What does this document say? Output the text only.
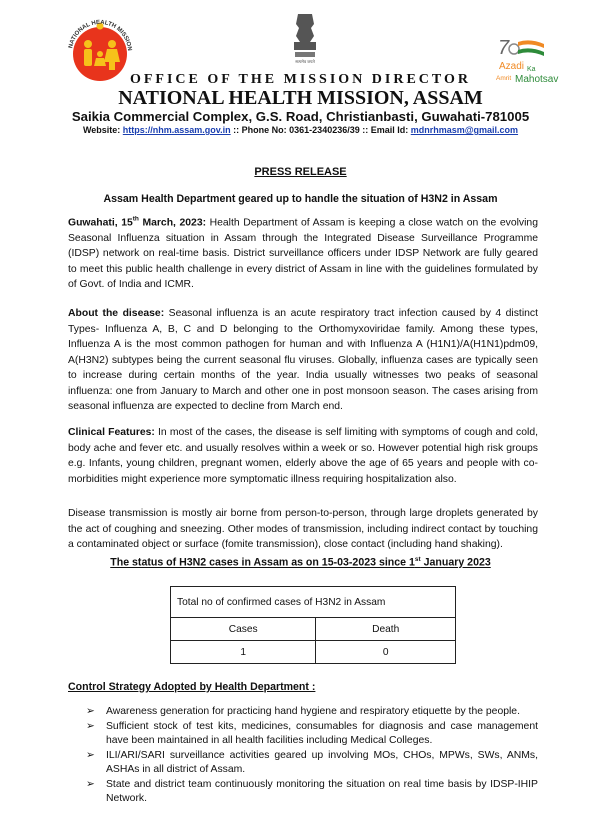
NATIONAL HEALTH MISSION
सत्यमेव जयते
7
Azadi Ka
Amrit Mahotsav
OFFICE OF THE MISSION DIRECTOR
NATIONAL HEALTH MISSION, ASSAM
Saikia Commercial Complex, G.S. Road, Christianbasti, Guwahati-781005
Website: https://nhm.assam.gov.in :: Phone No: 0361-2340236/39 :: Email Id: mdnrhmasm@gmail.com
PRESS RELEASE
Assam Health Department geared up to handle the situation of H3N2 in Assam
Guwahati, 15th March, 2023: Health Department of Assam is keeping a close watch on the evolving Seasonal Influenza situation in Assam through the Integrated Disease Surveillance Programme (IDSP) network on real-time basis. District surveillance officers under IDSP Network are fully geared to meet this public health challenge in every district of Assam in line with the guidelines formulated by of Govt. of India and ICMR.
About the disease: Seasonal influenza is an acute respiratory tract infection caused by 4 distinct Types- Influenza A, B, C and D belonging to the Orthomyxoviridae family. Among these types, Influenza A is the most common pathogen for human and with Influenza A (H1N1)/A(H1N1)pdm09, A(H3N2) subtypes being the current seasonal flu viruses. Globally, influenza cases are typically seen to increase during certain months of the year. India usually witnesses two peaks of seasonal influenza: one from January to March and other one in post monsoon season. The cases arising from seasonal influenza are expected to decline from March end.
Clinical Features: In most of the cases, the disease is self limiting with symptoms of cough and cold, body ache and fever etc. and usually resolves within a week or so. However potential high risk groups e.g. Infants, young children, pregnant women, elderly above the age of 65 years and people with co-morbidities might experience more symptomatic illness requiring hospitalization also.
Disease transmission is mostly air borne from person-to-person, through large droplets generated by the act of coughing and sneezing. Other modes of transmission, including indirect contact by touching a contaminated object or surface (fomite transmission), close contact (including hand shaking).
The status of H3N2 cases in Assam as on 15-03-2023 since 1st January 2023
Total no of confirmed cases of H3N2 in Assam	
Cases	Death
1	0
Control Strategy Adopted by Health Department :
➢ Awareness generation for practicing hand hygiene and respiratory etiquette by the people.
➢ Sufficient stock of test kits, medicines, consumables for diagnosis and case management have been maintained in all health facilities including Medical Colleges.
➢ ILI/ARI/SARI surveillance activities geared up involving MOs, CHOs, MPWs, SWs, ANMs, ASHAs in all district of Assam.
➢ State and district team continuously monitoring the situation on real time basis by IDSP-IHIP Network.
